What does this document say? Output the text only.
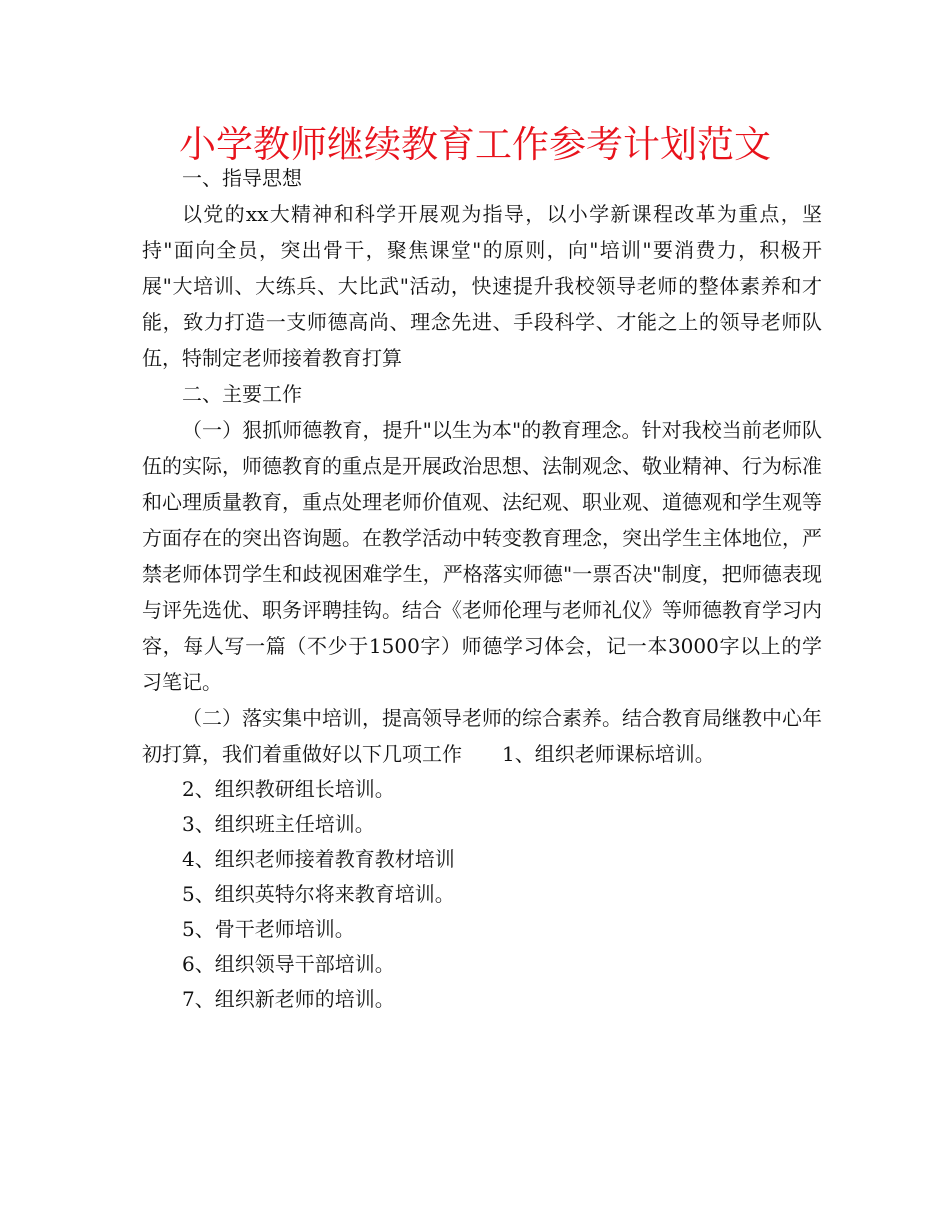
小学教师继续教育工作参考计划范文

一、指导思想

以党的xx大精神和科学开展观为指导，以小学新课程改革为重点，坚持"面向全员，突出骨干，聚焦课堂"的原则，向"培训"要消费力，积极开展"大培训、大练兵、大比武"活动，快速提升我校领导老师的整体素养和才能，致力打造一支师德高尚、理念先进、手段科学、才能之上的领导老师队伍，特制定老师接着教育打算

二、主要工作

（一）狠抓师德教育，提升"以生为本"的教育理念。针对我校当前老师队伍的实际，师德教育的重点是开展政治思想、法制观念、敬业精神、行为标准和心理质量教育，重点处理老师价值观、法纪观、职业观、道德观和学生观等方面存在的突出咨询题。在教学活动中转变教育理念，突出学生主体地位，严禁老师体罚学生和歧视困难学生，严格落实师德"一票否决"制度，把师德表现与评先选优、职务评聘挂钩。结合《老师伦理与老师礼仪》等师德教育学习内容，每人写一篇（不少于1500字）师德学习体会，记一本3000字以上的学习笔记。

（二）落实集中培训，提高领导老师的综合素养。结合教育局继教中心年初打算，我们着重做好以下几项工作　　1、组织老师课标培训。

2、组织教研组长培训。

3、组织班主任培训。

4、组织老师接着教育教材培训

5、组织英特尔将来教育培训。

5、骨干老师培训。

6、组织领导干部培训。

7、组织新老师的培训。
